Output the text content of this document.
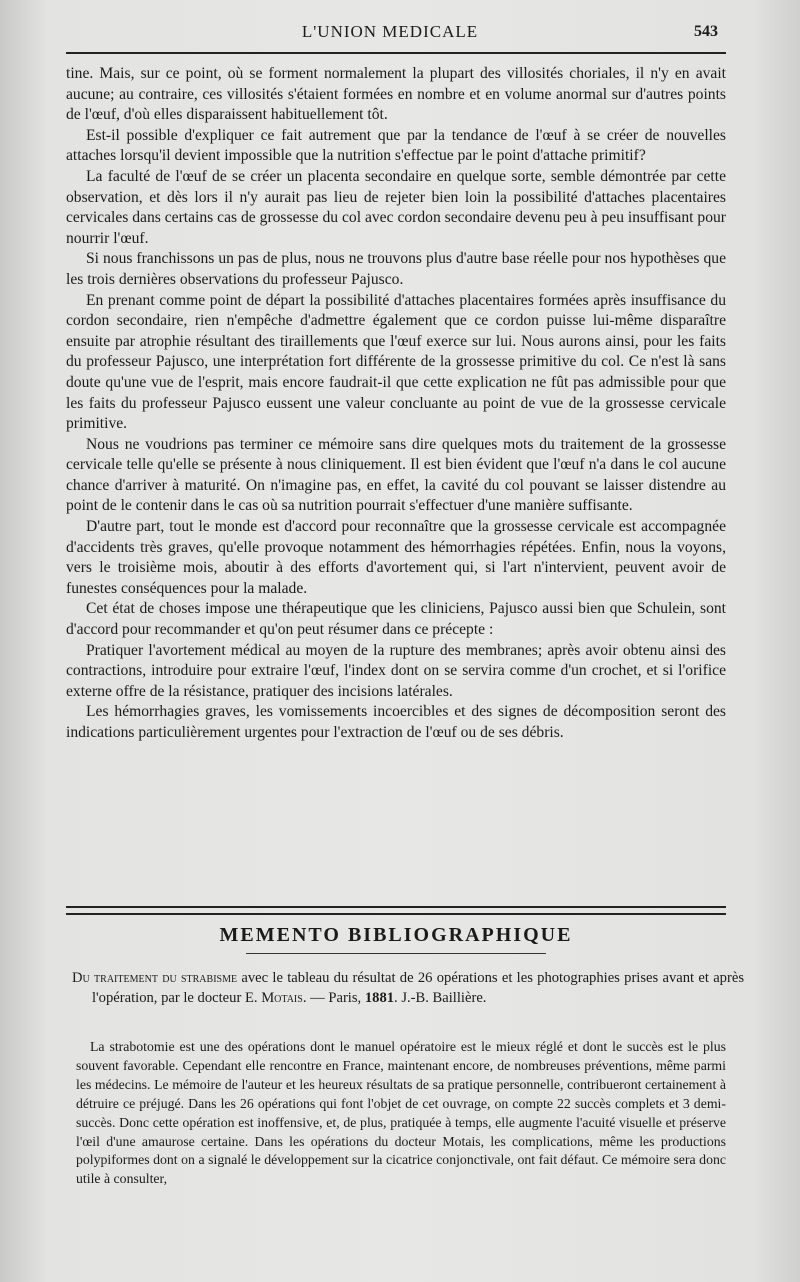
L'UNION MEDICALE	543

tine. Mais, sur ce point, où se forment normalement la plupart des villosités choriales, il n'y en avait aucune; au contraire, ces villosités s'étaient formées en nombre et en volume anormal sur d'autres points de l'œuf, d'où elles disparaissent habituellement tôt.

Est-il possible d'expliquer ce fait autrement que par la tendance de l'œuf à se créer de nouvelles attaches lorsqu'il devient impossible que la nutrition s'effectue par le point d'attache primitif?

La faculté de l'œuf de se créer un placenta secondaire en quelque sorte, semble démontrée par cette observation, et dès lors il n'y aurait pas lieu de rejeter bien loin la possibilité d'attaches placentaires cervicales dans certains cas de grossesse du col avec cordon secondaire devenu peu à peu insuffisant pour nourrir l'œuf.

Si nous franchissons un pas de plus, nous ne trouvons plus d'autre base réelle pour nos hypothèses que les trois dernières observations du professeur Pajusco.

En prenant comme point de départ la possibilité d'attaches placentaires formées après insuffisance du cordon secondaire, rien n'empêche d'admettre également que ce cordon puisse lui-même disparaître ensuite par atrophie résultant des tiraillements que l'œuf exerce sur lui. Nous aurons ainsi, pour les faits du professeur Pajusco, une interprétation fort différente de la grossesse primitive du col. Ce n'est là sans doute qu'une vue de l'esprit, mais encore faudrait-il que cette explication ne fût pas admissible pour que les faits du professeur Pajusco eussent une valeur concluante au point de vue de la grossesse cervicale primitive.

Nous ne voudrions pas terminer ce mémoire sans dire quelques mots du traitement de la grossesse cervicale telle qu'elle se présente à nous cliniquement. Il est bien évident que l'œuf n'a dans le col aucune chance d'arriver à maturité. On n'imagine pas, en effet, la cavité du col pouvant se laisser distendre au point de le contenir dans le cas où sa nutrition pourrait s'effectuer d'une manière suffisante.

D'autre part, tout le monde est d'accord pour reconnaître que la grossesse cervicale est accompagnée d'accidents très graves, qu'elle provoque notamment des hémorrhagies répétées. Enfin, nous la voyons, vers le troisième mois, aboutir à des efforts d'avortement qui, si l'art n'intervient, peuvent avoir de funestes conséquences pour la malade.

Cet état de choses impose une thérapeutique que les cliniciens, Pajusco aussi bien que Schulein, sont d'accord pour recommander et qu'on peut résumer dans ce précepte :

Pratiquer l'avortement médical au moyen de la rupture des membranes; après avoir obtenu ainsi des contractions, introduire pour extraire l'œuf, l'index dont on se servira comme d'un crochet, et si l'orifice externe offre de la résistance, pratiquer des incisions latérales.

Les hémorrhagies graves, les vomissements incoercibles et des signes de décomposition seront des indications particulièrement urgentes pour l'extraction de l'œuf ou de ses débris.

MEMENTO BIBLIOGRAPHIQUE
Du traitement du strabisme avec le tableau du résultat de 26 opérations et les photographies prises avant et après l'opération, par le docteur E. Motais. — Paris, 1881. J.-B. Baillière.

La strabotomie est une des opérations dont le manuel opératoire est le mieux réglé et dont le succès est le plus souvent favorable. Cependant elle rencontre en France, maintenant encore, de nombreuses préventions, même parmi les médecins. Le mémoire de l'auteur et les heureux résultats de sa pratique personnelle, contribueront certainement à détruire ce préjugé. Dans les 26 opérations qui font l'objet de cet ouvrage, on compte 22 succès complets et 3 demi-succès. Donc cette opération est inoffensive, et, de plus, pratiquée à temps, elle augmente l'acuité visuelle et préserve l'œil d'une amaurose certaine. Dans les opérations du docteur Motais, les complications, même les productions polypiformes dont on a signalé le développement sur la cicatrice conjonctivale, ont fait défaut. Ce mémoire sera donc utile à consulter,
